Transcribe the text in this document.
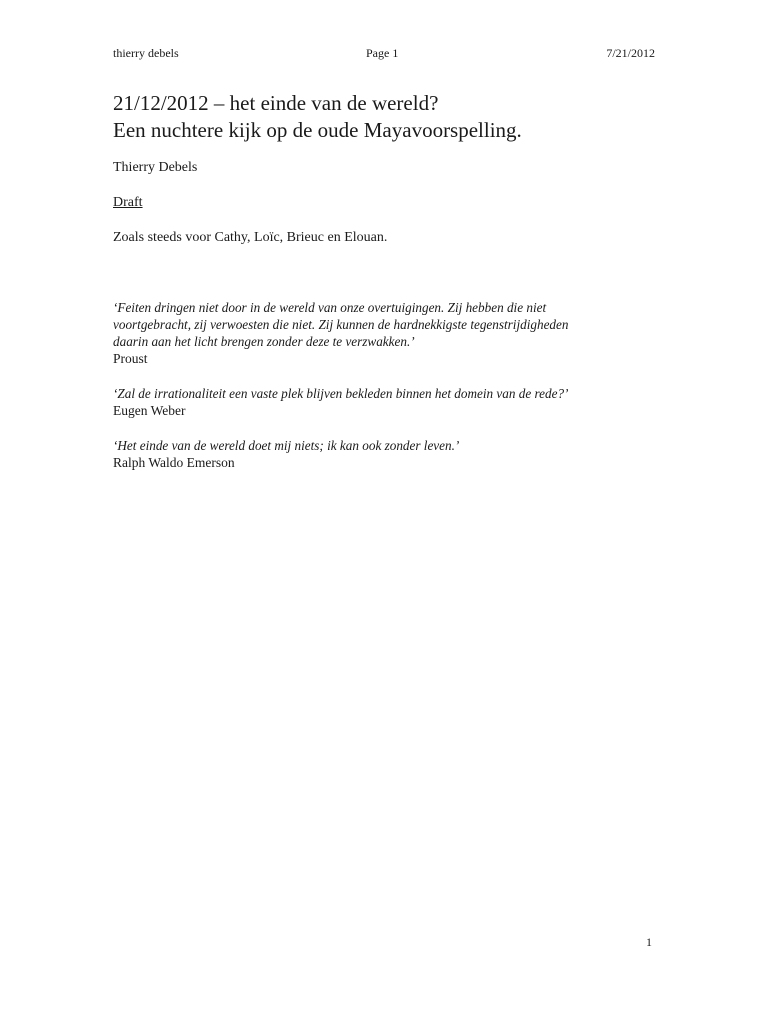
thierry debels	Page 1	7/21/2012
21/12/2012 – het einde van de wereld?
Een nuchtere kijk op de oude Mayavoorspelling.
Thierry Debels
Draft
Zoals steeds voor Cathy, Loïc, Brieuc en Elouan.
‘Feiten dringen niet door in de wereld van onze overtuigingen. Zij hebben die niet
voortgebracht, zij verwoesten die niet. Zij kunnen de hardnekkigste tegenstrijdigheden
daarin aan het licht brengen zonder deze te verzwakken.’
Proust
‘Zal de irrationaliteit een vaste plek blijven bekleden binnen het domein van de rede?’
Eugen Weber
‘Het einde van de wereld doet mij niets; ik kan ook zonder leven.’
Ralph Waldo Emerson
1
